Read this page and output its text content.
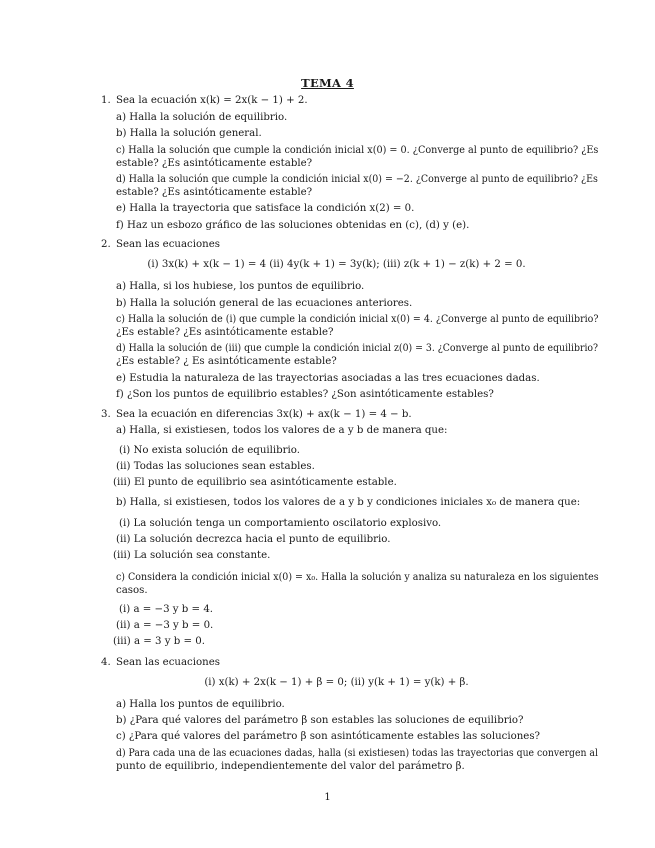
TEMA 4
1. Sea la ecuación x(k) = 2x(k − 1) + 2.
a) Halla la solución de equilibrio.
b) Halla la solución general.
c) Halla la solución que cumple la condición inicial x(0) = 0. ¿Converge al punto de equilibrio? ¿Es
estable? ¿Es asintóticamente estable?
d) Halla la solución que cumple la condición inicial x(0) = −2. ¿Converge al punto de equilibrio? ¿Es
estable? ¿Es asintóticamente estable?
e) Halla la trayectoria que satisface la condición x(2) = 0.
f) Haz un esbozo gráfico de las soluciones obtenidas en (c), (d) y (e).
2. Sean las ecuaciones
(i) 3x(k) + x(k − 1) = 4 (ii) 4y(k + 1) = 3y(k); (iii) z(k + 1) − z(k) + 2 = 0.
a) Halla, si los hubiese, los puntos de equilibrio.
b) Halla la solución general de las ecuaciones anteriores.
c) Halla la solución de (i) que cumple la condición inicial x(0) = 4. ¿Converge al punto de equilibrio?
¿Es estable? ¿Es asintóticamente estable?
d) Halla la solución de (iii) que cumple la condición inicial z(0) = 3. ¿Converge al punto de equilibrio?
¿Es estable? ¿ Es asintóticamente estable?
e) Estudia la naturaleza de las trayectorias asociadas a las tres ecuaciones dadas.
f) ¿Son los puntos de equilibrio estables? ¿Son asintóticamente estables?
3. Sea la ecuación en diferencias 3x(k) + ax(k − 1) = 4 − b.
a) Halla, si existiesen, todos los valores de a y b de manera que:
(i) No exista solución de equilibrio.
(ii) Todas las soluciones sean estables.
(iii) El punto de equilibrio sea asintóticamente estable.
b) Halla, si existiesen, todos los valores de a y b y condiciones iniciales x₀ de manera que:
(i) La solución tenga un comportamiento oscilatorio explosivo.
(ii) La solución decrezca hacia el punto de equilibrio.
(iii) La solución sea constante.
c) Considera la condición inicial x(0) = x₀. Halla la solución y analiza su naturaleza en los siguientes
casos.
(i) a = −3 y b = 4.
(ii) a = −3 y b = 0.
(iii) a = 3 y b = 0.
4. Sean las ecuaciones
(i) x(k) + 2x(k − 1) + β = 0; (ii) y(k + 1) = y(k) + β.
a) Halla los puntos de equilibrio.
b) ¿Para qué valores del parámetro β son estables las soluciones de equilibrio?
c) ¿Para qué valores del parámetro β son asintóticamente estables las soluciones?
d) Para cada una de las ecuaciones dadas, halla (si existiesen) todas las trayectorias que convergen al
punto de equilibrio, independientemente del valor del parámetro β.
1
